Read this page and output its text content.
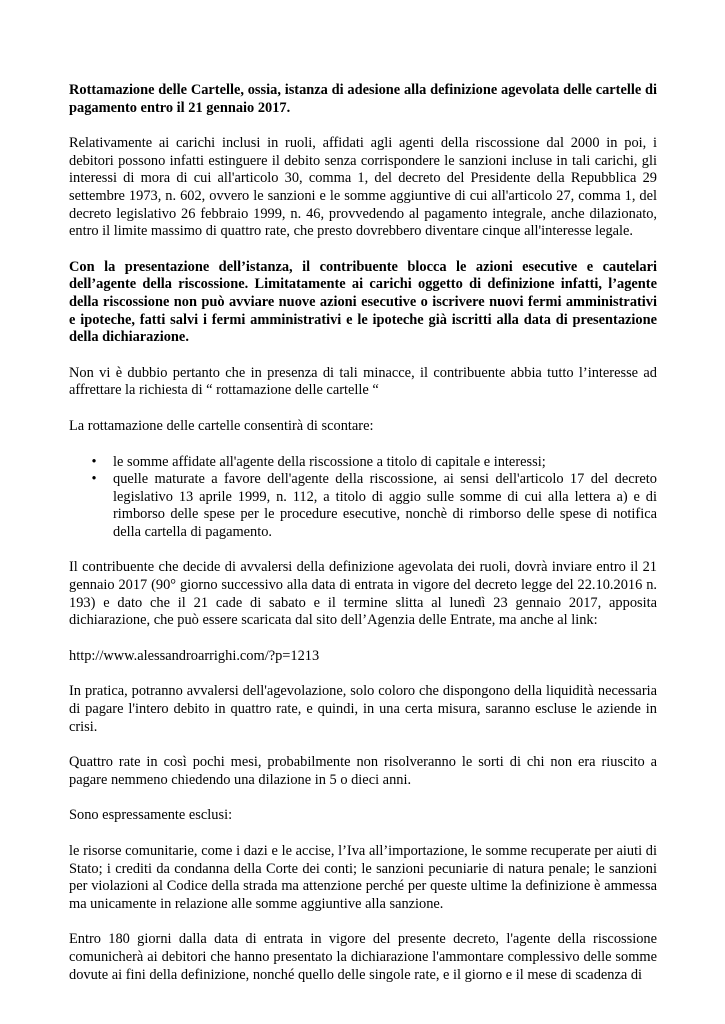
Rottamazione delle Cartelle, ossia, istanza di adesione alla definizione agevolata delle cartelle di pagamento entro il 21 gennaio 2017.

Relativamente ai carichi inclusi in ruoli, affidati agli agenti della riscossione dal 2000 in poi, i debitori possono infatti estinguere il debito senza corrispondere le sanzioni incluse in tali carichi, gli interessi di mora di cui all'articolo 30, comma 1, del decreto del Presidente della Repubblica 29 settembre 1973, n. 602, ovvero le sanzioni e le somme aggiuntive di cui all'articolo 27, comma 1, del decreto legislativo 26 febbraio 1999, n. 46, provvedendo al pagamento integrale, anche dilazionato, entro il limite massimo di quattro rate, che presto dovrebbero diventare cinque all'interesse legale.

Con la presentazione dell’istanza, il contribuente blocca le azioni esecutive e cautelari dell’agente della riscossione. Limitatamente ai carichi oggetto di definizione infatti, l’agente della riscossione non può avviare nuove azioni esecutive o iscrivere nuovi fermi amministrativi e ipoteche, fatti salvi i fermi amministrativi e le ipoteche già iscritti alla data di presentazione della dichiarazione.

Non vi è dubbio pertanto che in presenza di tali minacce, il contribuente abbia tutto l’interesse ad affrettare la richiesta di “ rottamazione delle cartelle “

La rottamazione delle cartelle consentirà di scontare:

• le somme affidate all'agente della riscossione a titolo di capitale e interessi;
• quelle maturate a favore dell'agente della riscossione, ai sensi dell'articolo 17 del decreto legislativo 13 aprile 1999, n. 112, a titolo di aggio sulle somme di cui alla lettera a) e di rimborso delle spese per le procedure esecutive, nonchè di rimborso delle spese di notifica della cartella di pagamento.

Il contribuente che decide di avvalersi della definizione agevolata dei ruoli, dovrà inviare entro il 21 gennaio 2017 (90° giorno successivo alla data di entrata in vigore del decreto legge del 22.10.2016 n. 193) e dato che il 21 cade di sabato e il termine slitta al lunedì 23 gennaio 2017, apposita dichiarazione, che può essere scaricata dal sito dell’Agenzia delle Entrate, ma anche al link:

http://www.alessandroarrighi.com/?p=1213

In pratica, potranno avvalersi dell'agevolazione, solo coloro che dispongono della liquidità necessaria di pagare l'intero debito in quattro rate, e quindi, in una certa misura, saranno escluse le aziende in crisi.

Quattro rate in così pochi mesi, probabilmente non risolveranno le sorti di chi non era riuscito a pagare nemmeno chiedendo una dilazione in 5 o dieci anni.

Sono espressamente esclusi:

le risorse comunitarie, come i dazi e le accise, l’Iva all’importazione, le somme recuperate per aiuti di Stato; i crediti da condanna della Corte dei conti; le sanzioni pecuniarie di natura penale; le sanzioni per violazioni al Codice della strada ma attenzione perché per queste ultime la definizione è ammessa ma unicamente in relazione alle somme aggiuntive alla sanzione.

Entro 180 giorni dalla data di entrata in vigore del presente decreto, l'agente della riscossione comunicherà ai debitori che hanno presentato la dichiarazione l'ammontare complessivo delle somme dovute ai fini della definizione, nonché quello delle singole rate, e il giorno e il mese di scadenza di
